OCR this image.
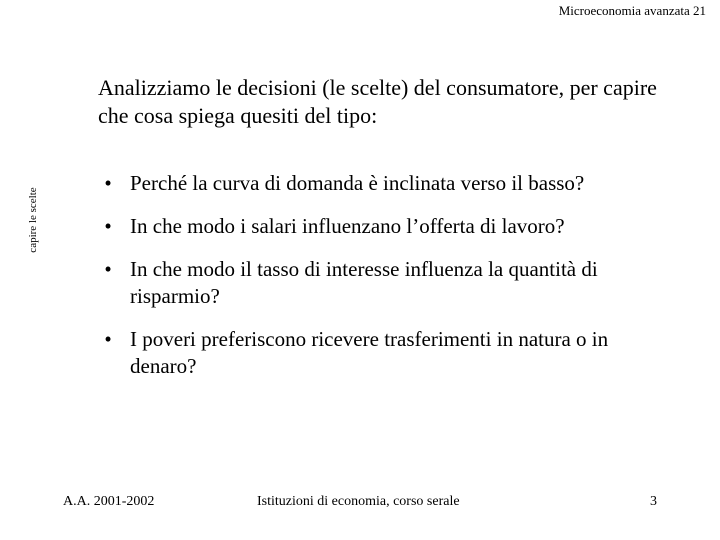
Microeconomia avanzata 21
capire le scelte
Analizziamo le decisioni (le scelte) del consumatore, per capire che cosa spiega quesiti del tipo:
• Perché la curva di domanda è inclinata verso il basso?
• In che modo i salari influenzano l’offerta di lavoro?
• In che modo il tasso di interesse influenza la quantità di risparmio?
• I poveri preferiscono ricevere trasferimenti in natura o in denaro?
A.A. 2001-2002	Istituzioni di economia, corso serale	3
